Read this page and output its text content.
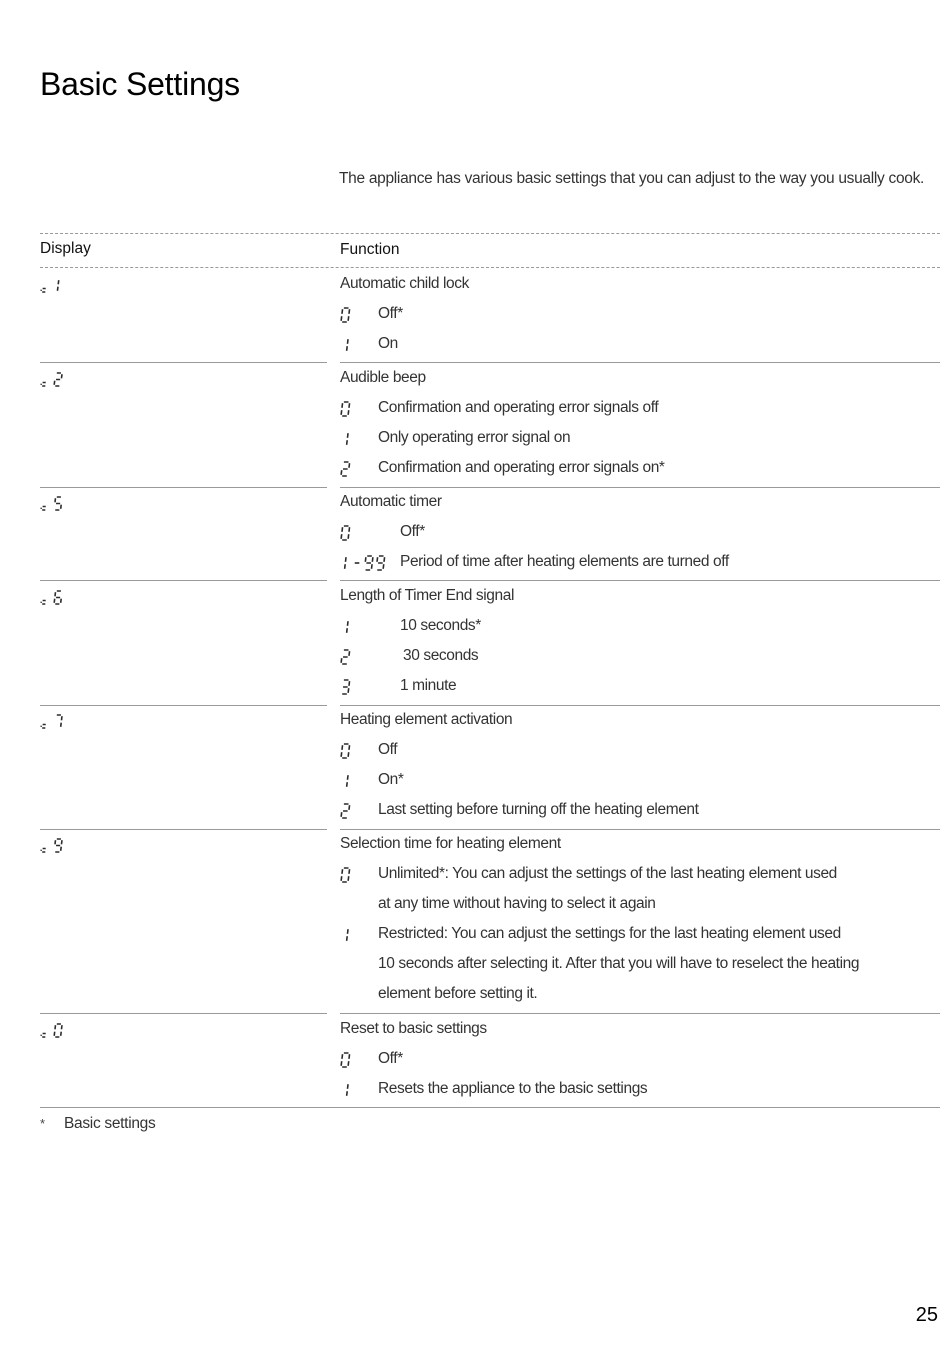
Basic Settings

The appliance has various basic settings that you can adjust to the way you usually cook.

Display	Function
Automatic child lock
Off*
On
Audible beep
Confirmation and operating error signals off
Only operating error signal on
Confirmation and operating error signals on*
Automatic timer
Off*
Period of time after heating elements are turned off
Length of Timer End signal
10 seconds*
30 seconds
1 minute
Heating element activation
Off
On*
Last setting before turning off the heating element
Selection time for heating element
Unlimited*: You can adjust the settings of the last heating element used
at any time without having to select it again
Restricted: You can adjust the settings for the last heating element used
10 seconds after selecting it. After that you will have to reselect the heating
element before setting it.
Reset to basic settings
Off*
Resets the appliance to the basic settings
* Basic settings
25
